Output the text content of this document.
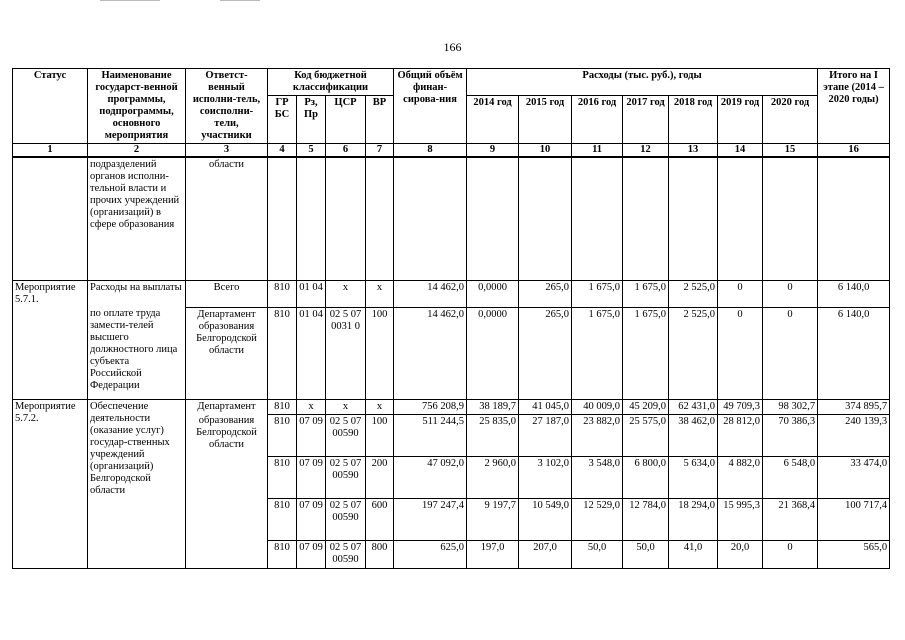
166
Статус	Наименование государст-венной программы, подпрограммы, основного мероприятия	Ответст-венный исполни-тель, соисполни-тели, участники	Код бюджетной классификации				Общий объём финан-сирова-ния	Расходы (тыс. руб.), годы							Итого на I этапе (2014 – 2020 годы)
			ГР БС	Рз, Пр	ЦСР	ВР		2014 год	2015 год	2016 год	2017 год	2018 год	2019 год	2020 год	

1	2	3	4	5	6	7	8	9	10	11	12	13	14	15	16
	подразделений органов исполни-тельной власти и прочих учреждений (организаций) в сфере образования	области													
Мероприятие 5.7.1.	Расходы на выплаты	Всего	810	01 04	х	х	14 462,0	0,0000	265,0	1 675,0	1 675,0	2 525,0	0	0	6 140,0
	по оплате труда замести-телей высшего должностного лица субъекта Российской Федерации	Департамент образования Белгородской области	810	01 04	02 5 07 0031 0	100	14 462,0	0,0000	265,0	1 675,0	1 675,0	2 525,0	0	0	6 140,0
Мероприятие 5.7.2.	Обеспечение деятельности (оказание услуг) государ-ственных учреждений (организаций) Белгородской области	Департамент	810	х	х	х	756 208,9	38 189,7	41 045,0	40 009,0	45 209,0	62 431,0	49 709,3	98 302,7	374 895,7
		образования Белгородской области	810	07 09	02 5 07 00590	100	511 244,5	25 835,0	27 187,0	23 882,0	25 575,0	38 462,0	28 812,0	70 386,3	240 139,3
			810	07 09	02 5 07 00590	200	47 092,0	2 960,0	3 102,0	3 548,0	6 800,0	5 634,0	4 882,0	6 548,0	33 474,0
			810	07 09	02 5 07 00590	600	197 247,4	9 197,7	10 549,0	12 529,0	12 784,0	18 294,0	15 995,3	21 368,4	100 717,4
			810	07 09	02 5 07 00590	800	625,0	197,0	207,0	50,0	50,0	41,0	20,0	0	565,0
